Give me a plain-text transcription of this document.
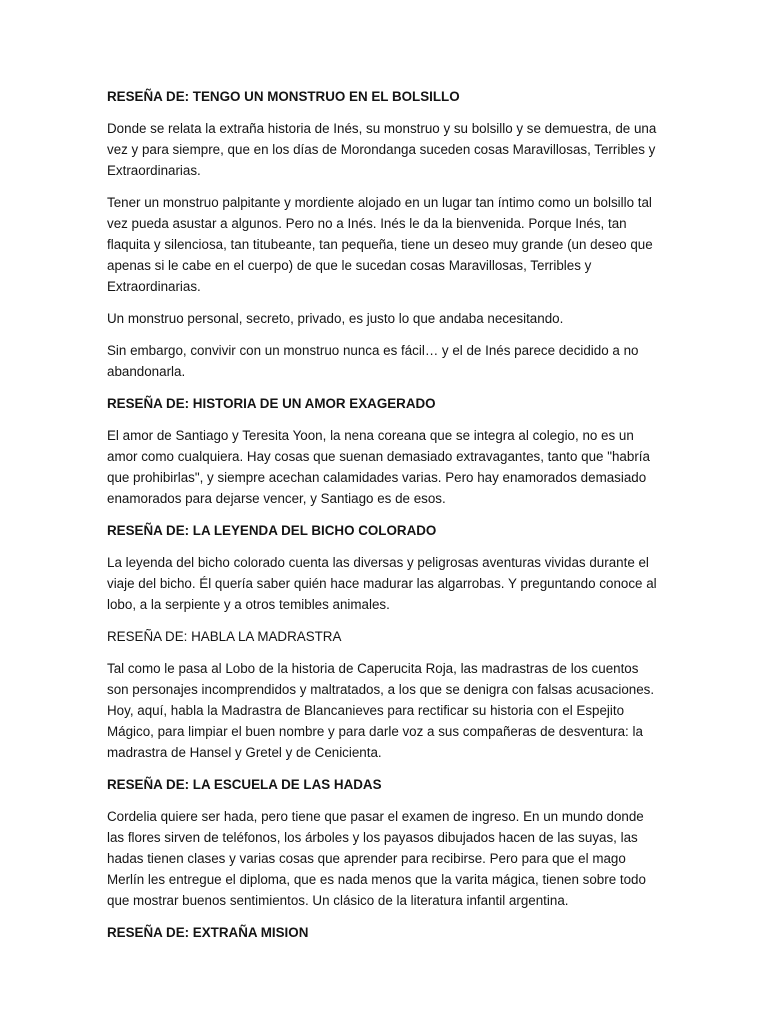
RESEÑA DE: TENGO UN MONSTRUO EN EL BOLSILLO

Donde se relata la extraña historia de Inés, su monstruo y su bolsillo y se demuestra, de una vez y para siempre, que en los días de Morondanga suceden cosas Maravillosas, Terribles y Extraordinarias.

Tener un monstruo palpitante y mordiente alojado en un lugar tan íntimo como un bolsillo tal vez pueda asustar a algunos. Pero no a Inés. Inés le da la bienvenida. Porque Inés, tan flaquita y silenciosa, tan titubeante, tan pequeña, tiene un deseo muy grande (un deseo que apenas si le cabe en el cuerpo) de que le sucedan cosas Maravillosas, Terribles y Extraordinarias.

Un monstruo personal, secreto, privado, es justo lo que andaba necesitando.

Sin embargo, convivir con un monstruo nunca es fácil… y el de Inés parece decidido a no abandonarla.

RESEÑA DE: HISTORIA DE UN AMOR EXAGERADO

El amor de Santiago y Teresita Yoon, la nena coreana que se integra al colegio, no es un amor como cualquiera. Hay cosas que suenan demasiado extravagantes, tanto que "habría que prohibirlas", y siempre acechan calamidades varias. Pero hay enamorados demasiado enamorados para dejarse vencer, y Santiago es de esos.

RESEÑA DE: LA LEYENDA DEL BICHO COLORADO

La leyenda del bicho colorado cuenta las diversas y peligrosas aventuras vividas durante el viaje del bicho. Él quería saber quién hace madurar las algarrobas. Y preguntando conoce al lobo, a la serpiente y a otros temibles animales.

RESEÑA DE: HABLA LA MADRASTRA

Tal como le pasa al Lobo de la historia de Caperucita Roja, las madrastras de los cuentos son personajes incomprendidos y maltratados, a los que se denigra con falsas acusaciones. Hoy, aquí, habla la Madrastra de Blancanieves para rectificar su historia con el Espejito Mágico, para limpiar el buen nombre y para darle voz a sus compañeras de desventura: la madrastra de Hansel y Gretel y de Cenicienta.

RESEÑA DE: LA ESCUELA DE LAS HADAS

Cordelia quiere ser hada, pero tiene que pasar el examen de ingreso. En un mundo donde las flores sirven de teléfonos, los árboles y los payasos dibujados hacen de las suyas, las hadas tienen clases y varias cosas que aprender para recibirse. Pero para que el mago Merlín les entregue el diploma, que es nada menos que la varita mágica, tienen sobre todo que mostrar buenos sentimientos. Un clásico de la literatura infantil argentina.

RESEÑA DE: EXTRAÑA MISION
